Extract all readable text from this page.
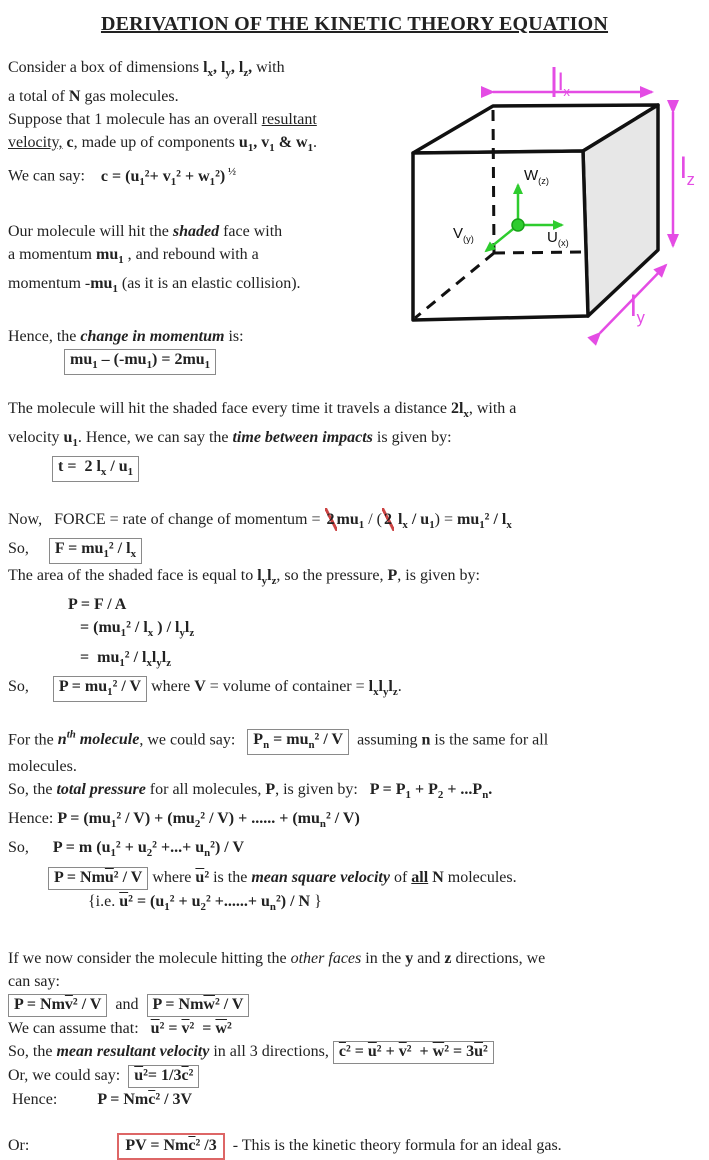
DERIVATION OF THE KINETIC THEORY EQUATION
Consider a box of dimensions $l_x$, $l_y$, $l_z$, with
a total of N gas molecules.
Suppose that 1 molecule has an overall resultant
velocity, c, made up of components $u_1$, $v_1$ & $w_1$.
We can say:    $c = (u_1^2+ v_1^2 + w_1^2)$ $^{\frac{1}{2}}$
Our molecule will hit the shaded face with
a momentum $mu_1$ , and rebound with a
momentum $-mu_1$ (as it is an elastic collision).
Hence, the change in momentum is:
$mu_1 - (-mu_1) = 2mu_1$
The molecule will hit the shaded face every time it travels a distance $2l_x$, with a
velocity $u_1$. Hence, we can say the time between impacts is given by:
t =  2 $l_x / u_1$
Now,   FORCE = rate of change of momentum = 2 $mu_1$ / ( 2 $l_x / u_1) = mu_1^2 / l_x$
So,     $F = mu_1^2 / l_x$
The area of the shaded face is equal to $l_yl_z$, so the pressure, P, is given by:
P = F / A
= ($mu_1^2 / l_x$ ) / $l_yl_z$
=  $mu_1^2 / l_xl_yl_z$
So,      $P = mu_1^2 / V$ where V = volume of container = $l_xl_yl_z$.
For the $n^{th}$ molecule, we could say:   $P_n = mu_n^2 / V$  assuming n is the same for all
molecules.
So, the total pressure for all molecules, P, is given by:   $P = P_1 + P_2 + ...P_n$.
Hence: $P = (mu_1^2 / V) + (mu_2^2 / V)$ + ...... + $(mu_n^2 / V)$
So,      P = m ($u_1^2 + u_2^2$ +...+ $u_n^2$) / V
$P = Nm\overline{u}^2 / V$ where $\overline{u}^2$ is the mean square velocity of all N molecules.
{i.e. $\overline{u}^2 = (u_1^2 + u_2^2$ +......+ $u_n^2$) / N }
If we now consider the molecule hitting the other faces in the y and z directions, we
can say:
$P = Nm\overline{v}^2 / V$  and  $P = Nm\overline{w}^2 / V$
We can assume that:   $\overline{u}^2 = \overline{v}^2 = \overline{w}^2$
So, the mean resultant velocity in all 3 directions, $\overline{c}^2 = \overline{u}^2 + \overline{v}^2 + \overline{w}^2 = 3\overline{u}^2$
Or, we could say:  $\overline{u}^2= 1/3\overline{c}^2$
Hence:	$P = Nm\overline{c}^2 / 3V$
Or:                      PV = $Nm\overline{c}^2$ /3  - This is the kinetic theory formula for an ideal gas.
$l_x$
$l_z$
$l_y$
$W_{(z)}$
$U_{(x)}$
$V_{(y)}$
